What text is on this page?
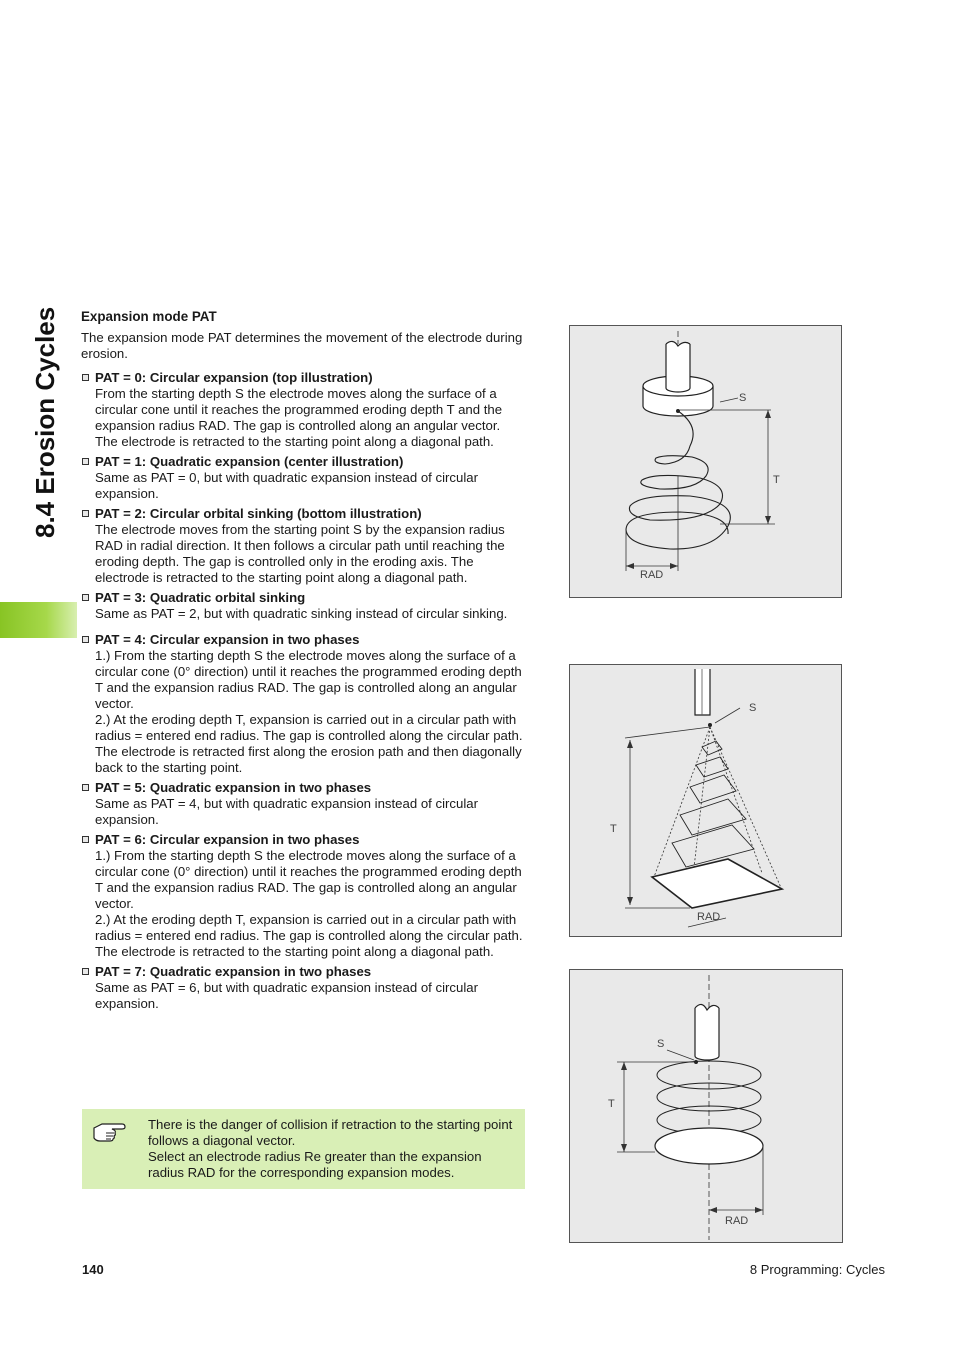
8.4 Erosion Cycles Expansion mode PAT

The expansion mode PAT determines the movement of the electrode during erosion.

PAT = 0: Circular expansion (top illustration)
From the starting depth S the electrode moves along the surface of a circular cone until it reaches the programmed eroding depth T and the expansion radius RAD. The gap is controlled along an angular vector. The electrode is retracted to the starting point along a diagonal path.
PAT = 1: Quadratic expansion (center illustration)
Same as PAT = 0, but with quadratic expansion instead of circular expansion.
PAT = 2: Circular orbital sinking (bottom illustration)
The electrode moves from the starting point S by the expansion radius RAD in radial direction. It then follows a circular path until reaching the eroding depth. The gap is controlled only in the eroding axis. The electrode is retracted to the starting point along a diagonal path.
PAT = 3: Quadratic orbital sinking
Same as PAT = 2, but with quadratic sinking instead of circular sinking.
PAT = 4: Circular expansion in two phases
1.) From the starting depth S the electrode moves along the surface of a circular cone (0° direction) until it reaches the programmed eroding depth T and the expansion radius RAD. The gap is controlled along an angular vector.
2.) At the eroding depth T, expansion is carried out in a circular path with radius = entered end radius. The gap is controlled along the circular path. The electrode is retracted first along the erosion path and then diagonally back to the starting point.
PAT = 5: Quadratic expansion in two phases
Same as PAT = 4, but with quadratic expansion instead of circular expansion.
PAT = 6: Circular expansion in two phases
1.) From the starting depth S the electrode moves along the surface of a circular cone (0° direction) until it reaches the programmed eroding depth T and the expansion radius RAD. The gap is controlled along an angular vector.
2.) At the eroding depth T, expansion is carried out in a circular path with radius = entered end radius. The gap is controlled along the circular path. The electrode is retracted to the starting point along a diagonal path.
PAT = 7: Quadratic expansion in two phases
Same as PAT = 6, but with quadratic expansion instead of circular expansion.
There is the danger of collision if retraction to the starting point follows a diagonal vector.
Select an electrode radius Re greater than the expansion radius RAD for the corresponding expansion modes.
S
T
RAD
S
T
RAD
S
T
RAD
140	8 Programming: Cycles
